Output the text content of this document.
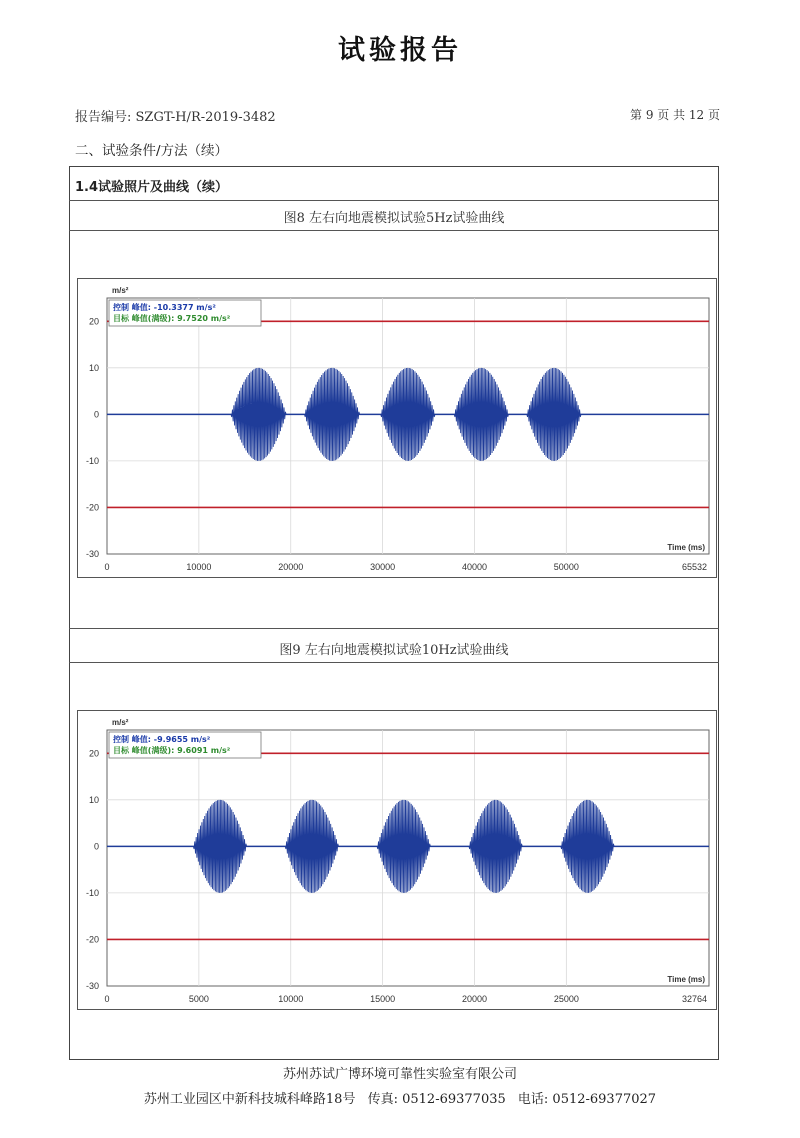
试验报告
报告编号: SZGT-H/R-2019-3482	第 9 页 共 12 页
二、试验条件/方法（续）
1.4试验照片及曲线（续）
图8 左右向地震模拟试验5Hz试验曲线
图9 左右向地震模拟试验10Hz试验曲线
20
10
0
-10
-20
-30
0	10000	20000	30000	40000	50000	65532
m/s²
Time (ms)
控制 峰值: -10.3377 m/s²
目标 峰值(满级): 9.7520 m/s²
20
10
0
-10
-20
-30
0	5000	10000	15000	20000	25000	32764
m/s²
Time (ms)
控制 峰值: -9.9655 m/s²
目标 峰值(满级): 9.6091 m/s²
苏州苏试广博环境可靠性实验室有限公司
苏州工业园区中新科技城科峰路18号 传真: 0512-69377035 电话: 0512-69377027
